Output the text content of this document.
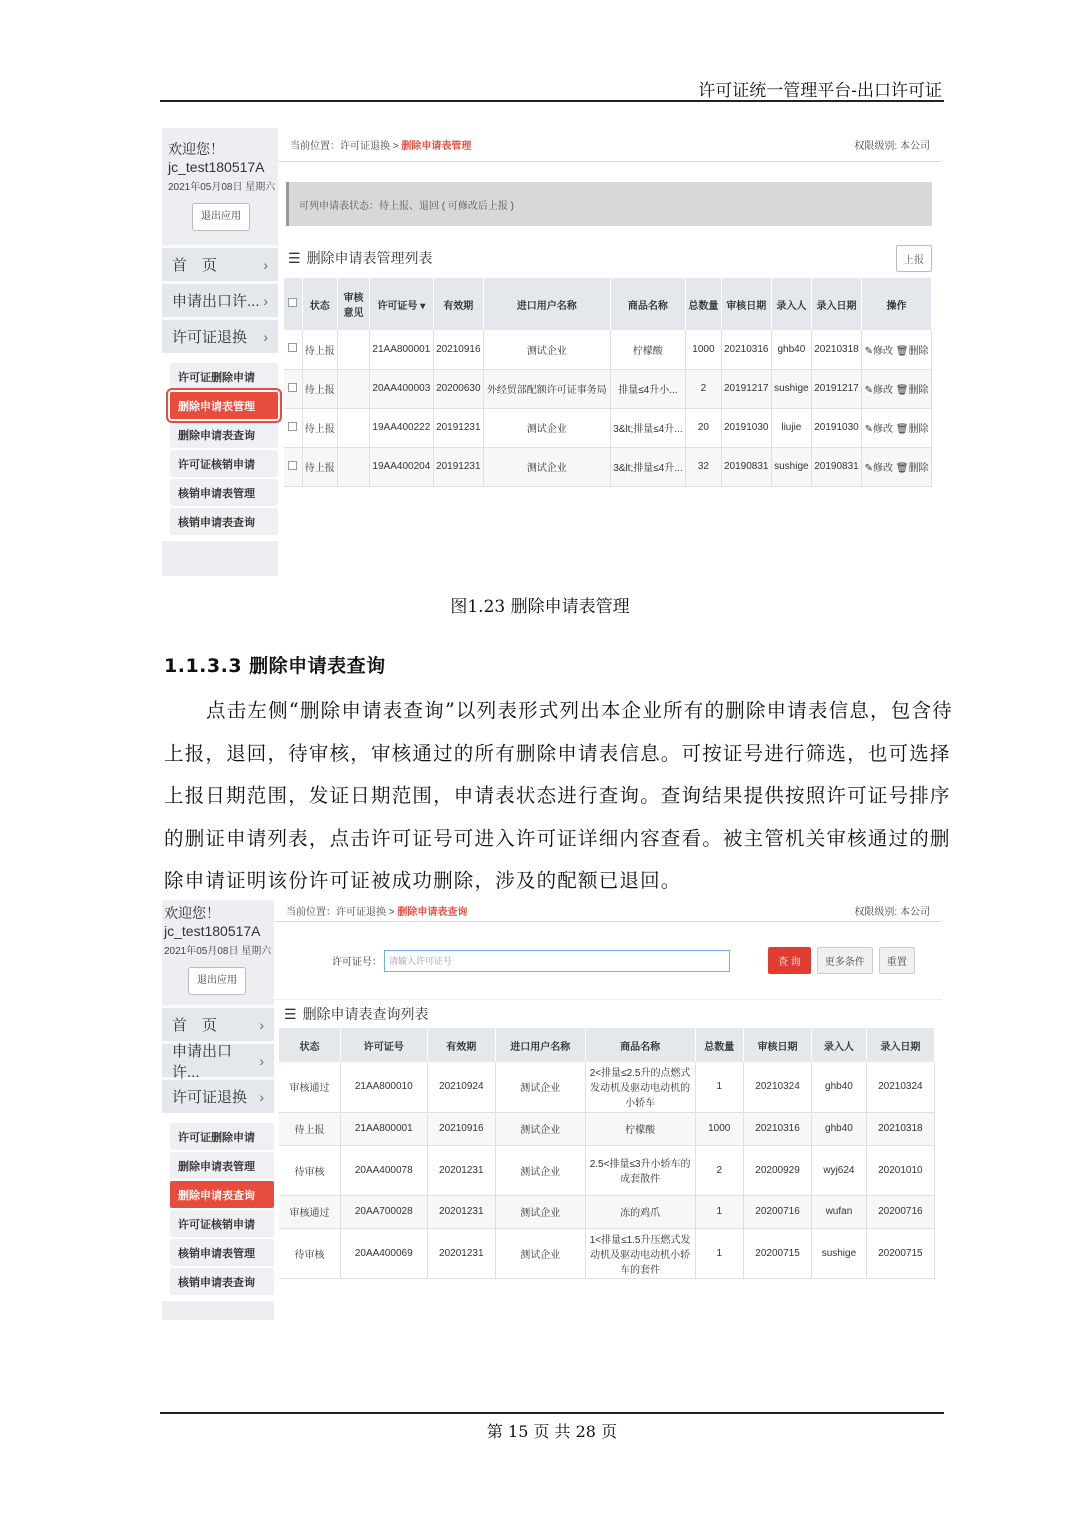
许可证统一管理平台-出口许可证
欢迎您！
jc_test180517A
2021年05月08日 星期六
退出应用
首　页	›
申请出口许... ›
许可证退换 ›
许可证删除申请
删除申请表管理
删除申请表查询
许可证核销申请
核销申请表管理
核销申请表查询
当前位置：许可证退换 > 删除申请表管理	权限级别: 本公司
可列申请表状态：待上报、退回 ( 可修改后上报 )
☰ 删除申请表管理列表	上报
	状态	审核意见	许可证号 ▾	有效期	进口用户名称	商品名称	总数量	审核日期	录入人	录入日期	操作
	待上报		21AA800001	20210916	测试企业	柠檬酸	1000	20210316	ghb40	20210318	✎修改 🗑删除
	待上报		20AA400003	20200630	外经贸部配额许可证事务局	排量≤4升小...	2	20191217	sushige	20191217	✎修改 🗑删除
	待上报		19AA400222	20191231	测试企业	3&lt;排量≤4升...	20	20191030	liujie	20191030	✎修改 🗑删除
	待上报		19AA400204	20191231	测试企业	3&lt;排量≤4升...	32	20190831	sushige	20190831	✎修改 🗑删除
图1.23 删除申请表管理
1.1.3.3 删除申请表查询
点击左侧“删除申请表查询”以列表形式列出本企业所有的删除申请表信息，包含待上报，退回，待审核，审核通过的所有删除申请表信息。可按证号进行筛选，也可选择上报日期范围，发证日期范围，申请表状态进行查询。查询结果提供按照许可证号排序的删证申请列表，点击许可证号可进入许可证详细内容查看。被主管机关审核通过的删除申请证明该份许可证被成功删除，涉及的配额已退回。
欢迎您！
jc_test180517A
2021年05月08日 星期六
退出应用
首　页	›
申请出口许...
›
许可证退换 ›
许可证删除申请
删除申请表管理
删除申请表查询
许可证核销申请
核销申请表管理
核销申请表查询
当前位置：许可证退换 > 删除申请表查询	权限级别: 本公司
许可证号： 请输入许可证号	查 询	更多条件	重置
☰ 删除申请表查询列表
状态	许可证号	有效期	进口用户名称	商品名称	总数量	审核日期	录入人	录入日期
审核通过	21AA800010	20210924	测试企业	2<排量≤2.5升的点燃式发动机及驱动电动机的小轿车	1	20210324	ghb40	20210324
待上报	21AA800001	20210916	测试企业	柠檬酸	1000	20210316	ghb40	20210318
待审核	20AA400078	20201231	测试企业	2.5<排量≤3升小轿车的成套散件	2	20200929	wyj624	20201010
审核通过	20AA700028	20201231	测试企业	冻的鸡爪	1	20200716	wufan	20200716
待审核	20AA400069	20201231	测试企业	1<排量≤1.5升压燃式发动机及驱动电动机小轿车的套件	1	20200715	sushige	20200715
第 15 页 共 28 页
